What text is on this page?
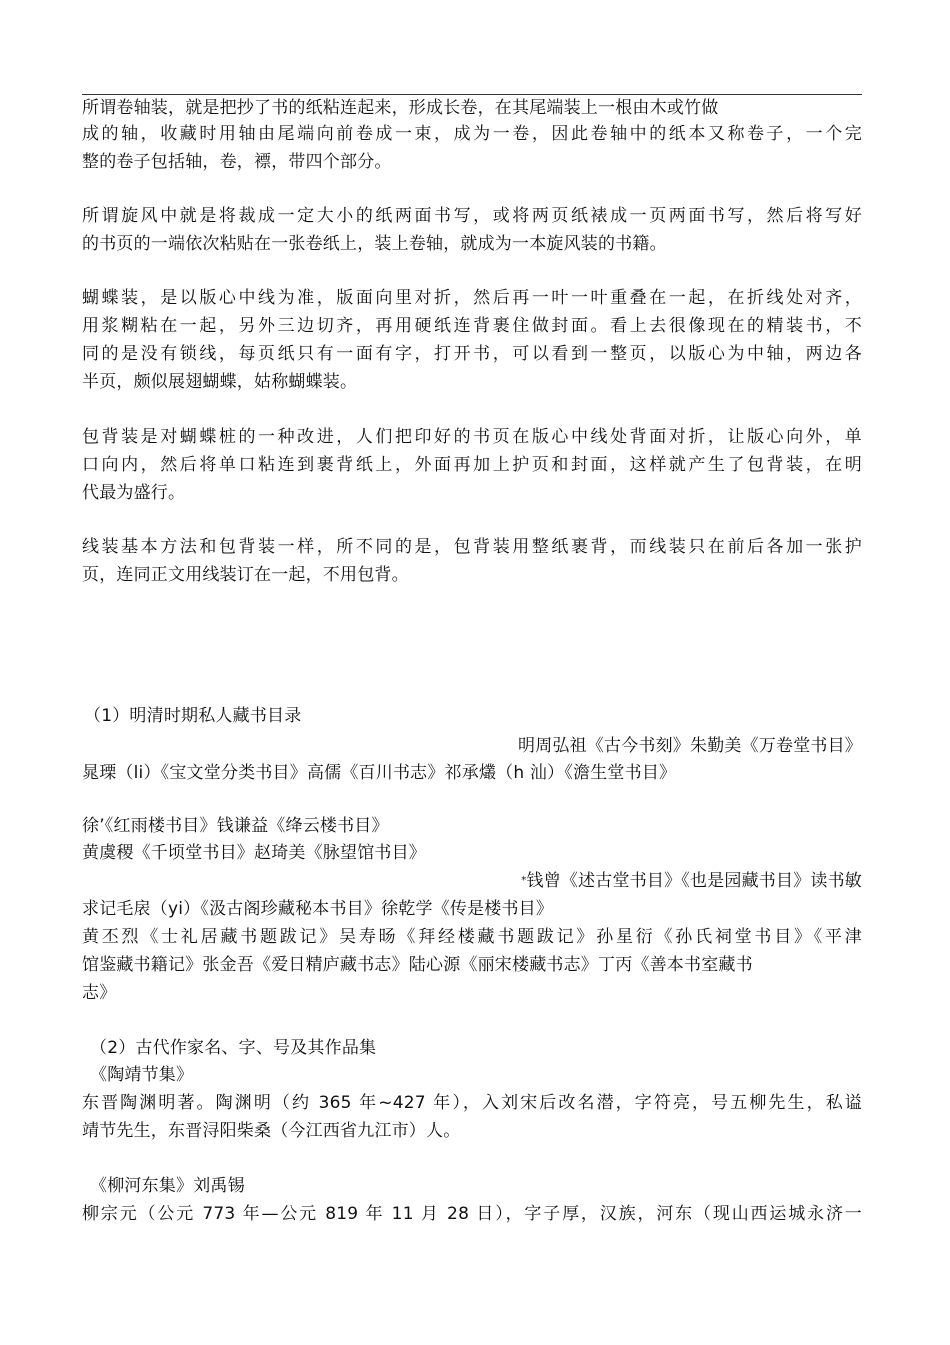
所谓卷轴装，就是把抄了书的纸粘连起来，形成长卷，在其尾端装上一根由木或竹做
成的轴，收藏时用轴由尾端向前卷成一束，成为一卷，因此卷轴中的纸本又称卷子，一个完
整的卷子包括轴，卷，褾，带四个部分。
所谓旋风中就是将裁成一定大小的纸两面书写，或将两页纸裱成一页两面书写，然后将写好
的书页的一端依次粘贴在一张卷纸上，装上卷轴，就成为一本旋风装的书籍。
蝴蝶装，是以版心中线为准，版面向里对折，然后再一叶一叶重叠在一起，在折线处对齐，
用浆糊粘在一起，另外三边切齐，再用硬纸连背裹住做封面。看上去很像现在的精装书，不
同的是没有锁线，每页纸只有一面有字，打开书，可以看到一整页，以版心为中轴，两边各
半页，颇似展翅蝴蝶，姑称蝴蝶装。
包背装是对蝴蝶桩的一种改进，人们把印好的书页在版心中线处背面对折，让版心向外，单
口向内，然后将单口粘连到裹背纸上，外面再加上护页和封面，这样就产生了包背装，在明
代最为盛行。
线装基本方法和包背装一样，所不同的是，包背装用整纸裹背，而线装只在前后各加一张护
页，连同正文用线装订在一起，不用包背。
（1）明清时期私人藏书目录
明周弘祖《古今书刻》朱勤美《万卷堂书目》
晁瑮（li）《宝文堂分类书目》高儒《百川书志》祁承爜（h 汕）《澹生堂书目》
徐’《红雨楼书目》钱谦益《绛云楼书目》
黄虞稷《千顷堂书目》赵琦美《脉望馆书目》
*钱曾《述古堂书目》《也是园藏书目》读书敏
求记毛扆（yi）《汲古阁珍藏秘本书目》徐乾学《传是楼书目》
黄丕烈《士礼居藏书题跋记》吴寿旸《拜经楼藏书题跋记》孙星衍《孙氏祠堂书目》《平津
馆鉴藏书籍记》张金吾《爱日精庐藏书志》陆心源《丽宋楼藏书志》丁丙《善本书室藏书
志》
（2）古代作家名、字、号及其作品集
《陶靖节集》
东晋陶渊明著。陶渊明（约 365 年~427 年），入刘宋后改名潜，字符亮，号五柳先生，私谥
靖节先生，东晋浔阳柴桑（今江西省九江市）人。
《柳河东集》刘禹锡
柳宗元（公元 773 年—公元 819 年 11 月 28 日），字子厚，汉族，河东（现山西运城永济一
